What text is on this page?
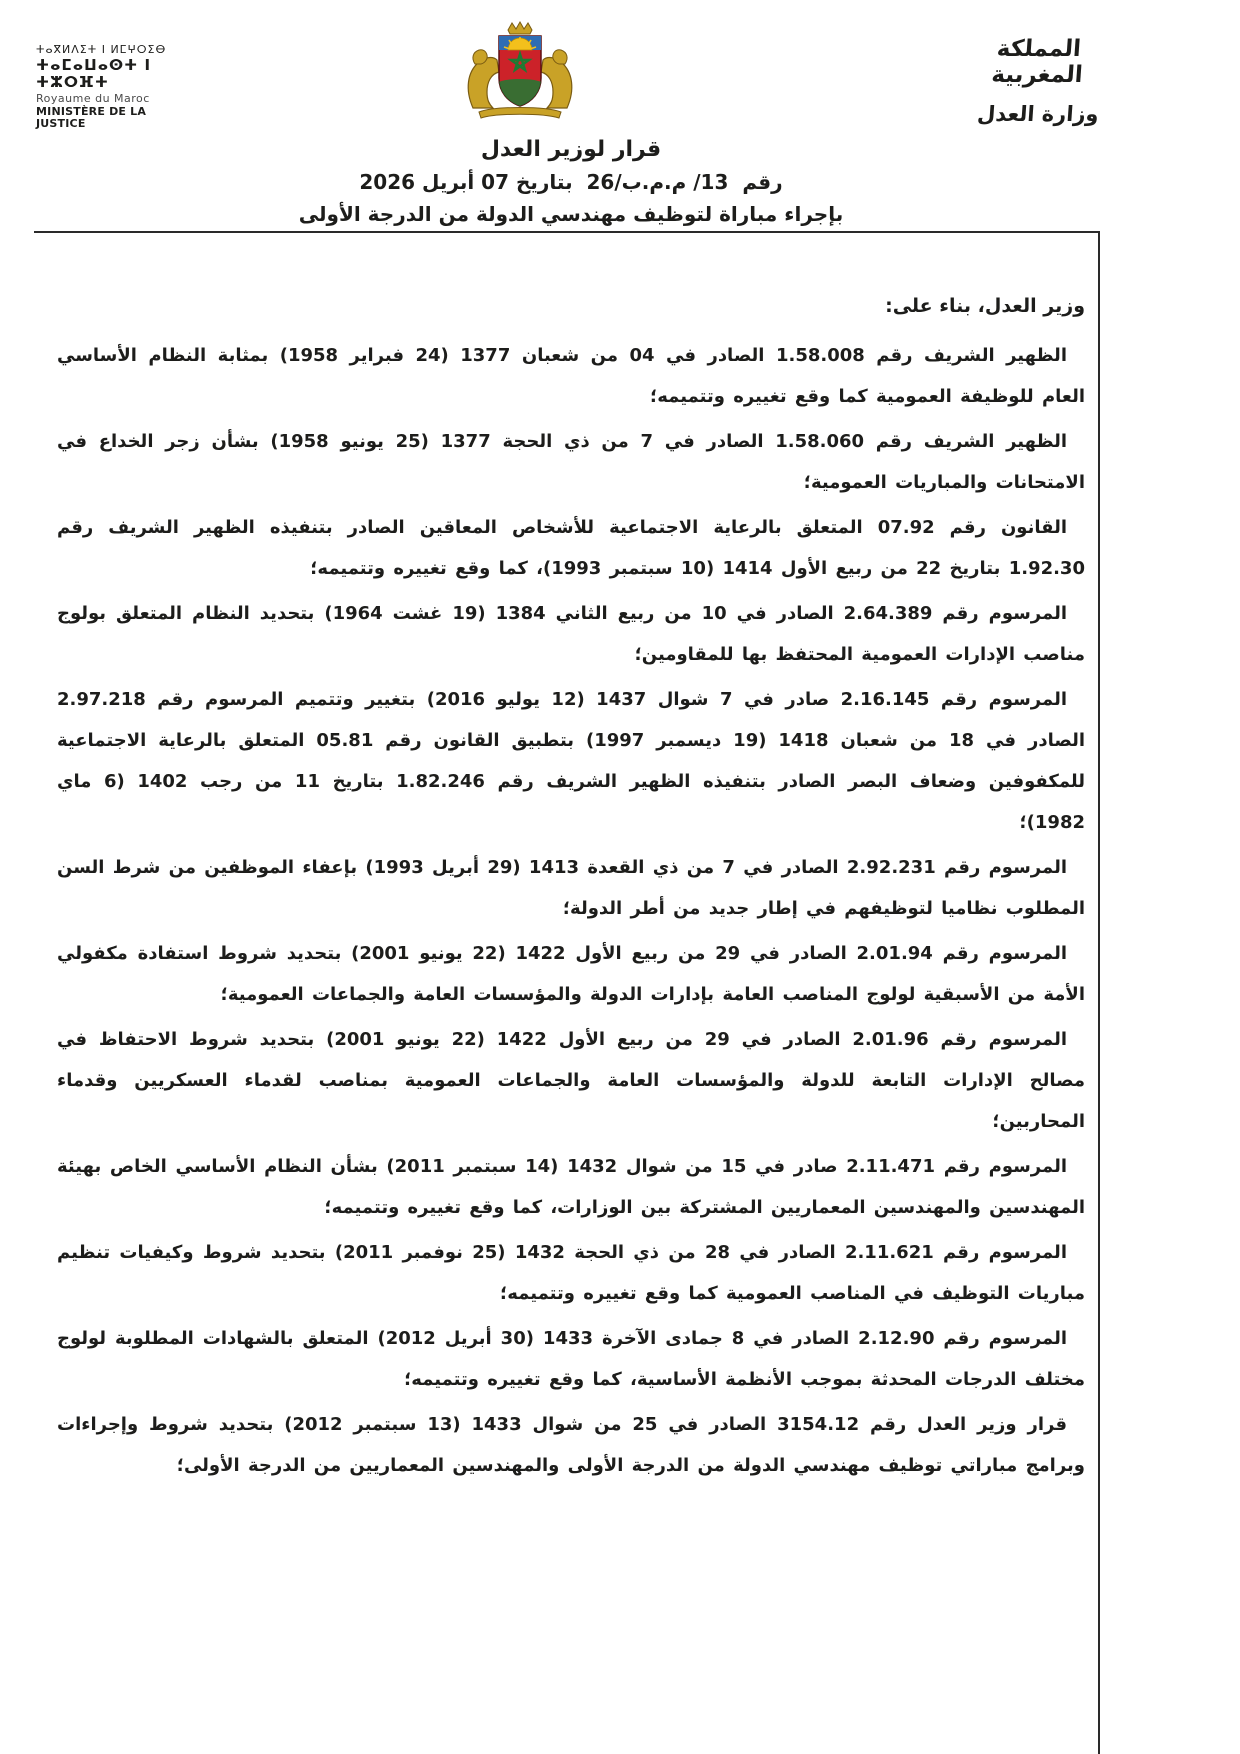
ⵜⴰⴳⵍⴷⵉⵜ ⵏ ⵍⵎⵖⵔⵉⴱ
ⵜⴰⵎⴰⵡⴰⵙⵜ ⵏ ⵜⵣⵔⴼⵜ
Royaume du Maroc
MINISTÈRE DE LA JUSTICE
المملكة المغربية
وزارة العدل
قرار لوزير العدل
رقم  13/ م.م.ب/26  بتاريخ 07 أبريل 2026
بإجراء مباراة لتوظيف مهندسي الدولة من الدرجة الأولى

وزير العدل، بناء على:

الظهير الشريف رقم 1.58.008 الصادر في 04 من شعبان 1377 (24 فبراير 1958) بمثابة النظام الأساسي العام للوظيفة العمومية كما وقع تغييره وتتميمه؛

الظهير الشريف رقم 1.58.060 الصادر في 7 من ذي الحجة 1377 (25 يونيو 1958) بشأن زجر الخداع في الامتحانات والمباريات العمومية؛

القانون رقم 07.92 المتعلق بالرعاية الاجتماعية للأشخاص المعاقين الصادر بتنفيذه الظهير الشريف رقم 1.92.30 بتاريخ 22 من ربيع الأول 1414 (10 سبتمبر 1993)، كما وقع تغييره وتتميمه؛

المرسوم رقم 2.64.389 الصادر في 10 من ربيع الثاني 1384 (19 غشت 1964) بتحديد النظام المتعلق بولوج مناصب الإدارات العمومية المحتفظ بها للمقاومين؛

المرسوم رقم 2.16.145 صادر في 7 شوال 1437 (12 يوليو 2016) بتغيير وتتميم المرسوم رقم 2.97.218 الصادر في 18 من شعبان 1418 (19 ديسمبر 1997) بتطبيق القانون رقم 05.81 المتعلق بالرعاية الاجتماعية للمكفوفين وضعاف البصر الصادر بتنفيذه الظهير الشريف رقم 1.82.246 بتاريخ 11 من رجب 1402 (6 ماي 1982)؛

المرسوم رقم 2.92.231 الصادر في 7 من ذي القعدة 1413 (29 أبريل 1993) بإعفاء الموظفين من شرط السن المطلوب نظاميا لتوظيفهم في إطار جديد من أطر الدولة؛

المرسوم رقم 2.01.94 الصادر في 29 من ربيع الأول 1422 (22 يونيو 2001) بتحديد شروط استفادة مكفولي الأمة من الأسبقية لولوج المناصب العامة بإدارات الدولة والمؤسسات العامة والجماعات العمومية؛

المرسوم رقم 2.01.96 الصادر في 29 من ربيع الأول 1422 (22 يونيو 2001) بتحديد شروط الاحتفاظ في مصالح الإدارات التابعة للدولة والمؤسسات العامة والجماعات العمومية بمناصب لقدماء العسكريين وقدماء المحاربين؛

المرسوم رقم 2.11.471 صادر في 15 من شوال 1432 (14 سبتمبر 2011) بشأن النظام الأساسي الخاص بهيئة المهندسين والمهندسين المعماريين المشتركة بين الوزارات، كما وقع تغييره وتتميمه؛

المرسوم رقم 2.11.621 الصادر في 28 من ذي الحجة 1432 (25 نوفمبر 2011) بتحديد شروط وكيفيات تنظيم مباريات التوظيف في المناصب العمومية كما وقع تغييره وتتميمه؛

المرسوم رقم 2.12.90 الصادر في 8 جمادى الآخرة 1433 (30 أبريل 2012) المتعلق بالشهادات المطلوبة لولوج مختلف الدرجات المحدثة بموجب الأنظمة الأساسية، كما وقع تغييره وتتميمه؛

قرار وزير العدل رقم 3154.12 الصادر في 25 من شوال 1433 (13 سبتمبر 2012) بتحديد شروط وإجراءات وبرامج مباراتي توظيف مهندسي الدولة من الدرجة الأولى والمهندسين المعماريين من الدرجة الأولى؛
